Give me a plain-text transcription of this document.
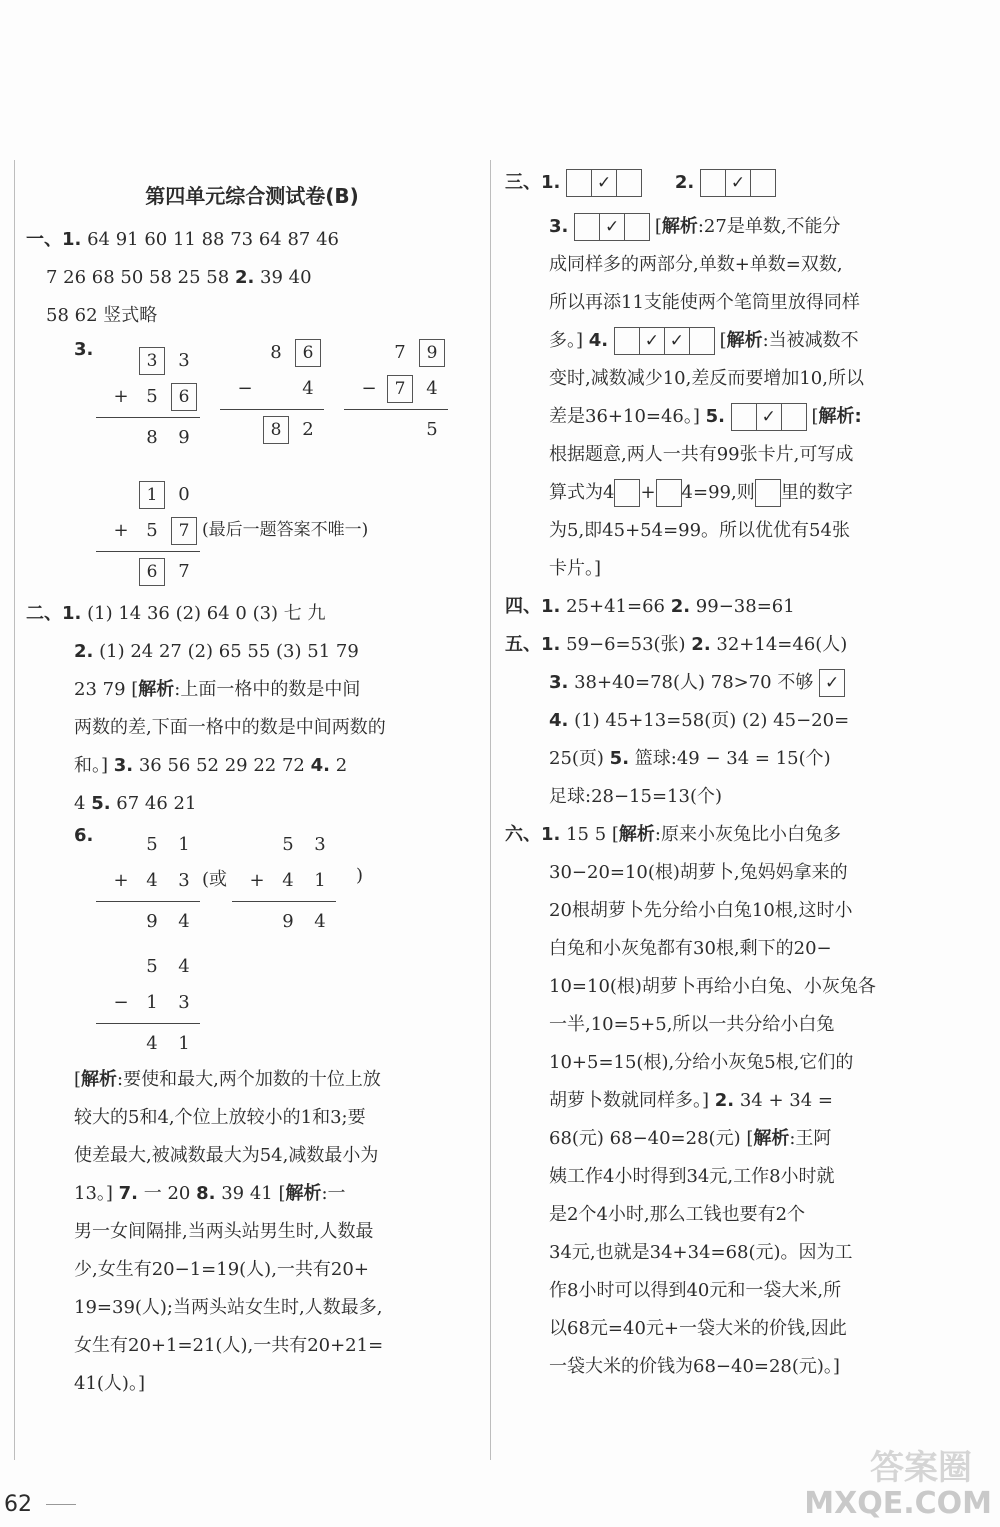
第四单元综合测试卷(B)
一、1. 64 91 60 11 88 73 64 87 46
7 26 68 50 58 25 58 2. 39 40
58 62 竖式略
3.
3	3
+ 5	6
8	9
8	6
−	4
8	2
7	9
−	7	4
5
1	0
+ 5	7
6	7
(最后一题答案不唯一)
二、1. (1) 14 36 (2) 64 0 (3) 七 九
2. (1) 24 27 (2) 65 55 (3) 51 79
23 79 [解析:上面一格中的数是中间
两数的差,下面一格中的数是中间两数的
和。] 3. 36 56 52 29 22 72 4. 2
4 5. 67 46 21
6.	5	1
+ 4	3
9	4
(或
5	3
+ 4	1
9	4
)
5	4
− 1	3
4	1
[解析:要使和最大,两个加数的十位上放
较大的5和4,个位上放较小的1和3;要
使差最大,被减数最大为54,减数最小为
13。] 7. 一 20 8. 39 41 [解析:一
男一女间隔排,当两头站男生时,人数最
少,女生有20−1=19(人),一共有20+
19=39(人);当两头站女生时,人数最多,
女生有20+1=21(人),一共有20+21=
41(人)。]
三、1.	✓	2.	✓
3.	✓	[解析:27是单数,不能分
成同样多的两部分,单数+单数=双数,
所以再添11支能使两个笔筒里放得同样
多。] 4.	✓ ✓	[解析:当被减数不
变时,减数减少10,差反而要增加10,所以
差是36+10=46。] 5.	✓	[解析:
根据题意,两人一共有99张卡片,可写成
算式为4 + 4=99,则 里的数字
为5,即45+54=99。所以优优有54张
卡片。]
四、1. 25+41=66 2. 99−38=61
五、1. 59−6=53(张) 2. 32+14=46(人)
3. 38+40=78(人) 78>70 不够 ✓
4. (1) 45+13=58(页) (2) 45−20=
25(页) 5. 篮球:49 − 34 = 15(个)
足球:28−15=13(个)
六、1. 15 5 [解析:原来小灰兔比小白兔多
30−20=10(根)胡萝卜,兔妈妈拿来的
20根胡萝卜先分给小白兔10根,这时小
白兔和小灰兔都有30根,剩下的20−
10=10(根)胡萝卜再给小白兔、小灰兔各
一半,10=5+5,所以一共分给小白兔
10+5=15(根),分给小灰兔5根,它们的
胡萝卜数就同样多。] 2. 34 + 34 =
68(元) 68−40=28(元) [解析:王阿
姨工作4小时得到34元,工作8小时就
是2个4小时,那么工钱也要有2个
34元,也就是34+34=68(元)。因为工
作8小时可以得到40元和一袋大米,所
以68元=40元+一袋大米的价钱,因此
一袋大米的价钱为68−40=28(元)。]
62
答案圈
MXQE.COM
